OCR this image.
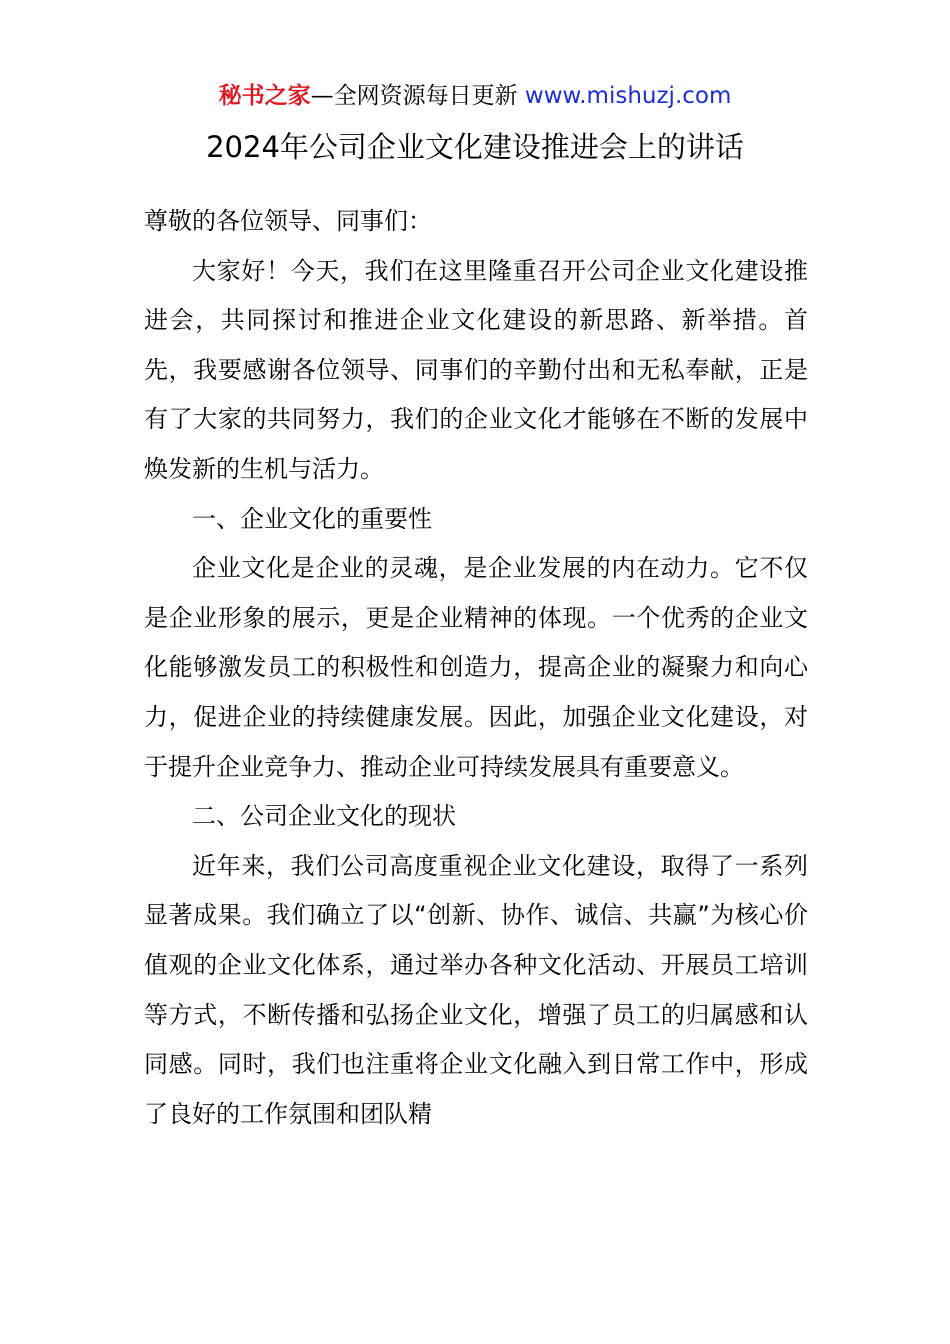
秘书之家—全网资源每日更新 www.mishuzj.com
2024年公司企业文化建设推进会上的讲话

尊敬的各位领导、同事们：

大家好！今天，我们在这里隆重召开公司企业文化建设推进会，共同探讨和推进企业文化建设的新思路、新举措。首先，我要感谢各位领导、同事们的辛勤付出和无私奉献，正是有了大家的共同努力，我们的企业文化才能够在不断的发展中焕发新的生机与活力。

一、企业文化的重要性

企业文化是企业的灵魂，是企业发展的内在动力。它不仅是企业形象的展示，更是企业精神的体现。一个优秀的企业文化能够激发员工的积极性和创造力，提高企业的凝聚力和向心力，促进企业的持续健康发展。因此，加强企业文化建设，对于提升企业竞争力、推动企业可持续发展具有重要意义。

二、公司企业文化的现状

近年来，我们公司高度重视企业文化建设，取得了一系列显著成果。我们确立了以“创新、协作、诚信、共赢”为核心价值观的企业文化体系，通过举办各种文化活动、开展员工培训等方式，不断传播和弘扬企业文化，增强了员工的归属感和认同感。同时，我们也注重将企业文化融入到日常工作中，形成了良好的工作氛围和团队精
